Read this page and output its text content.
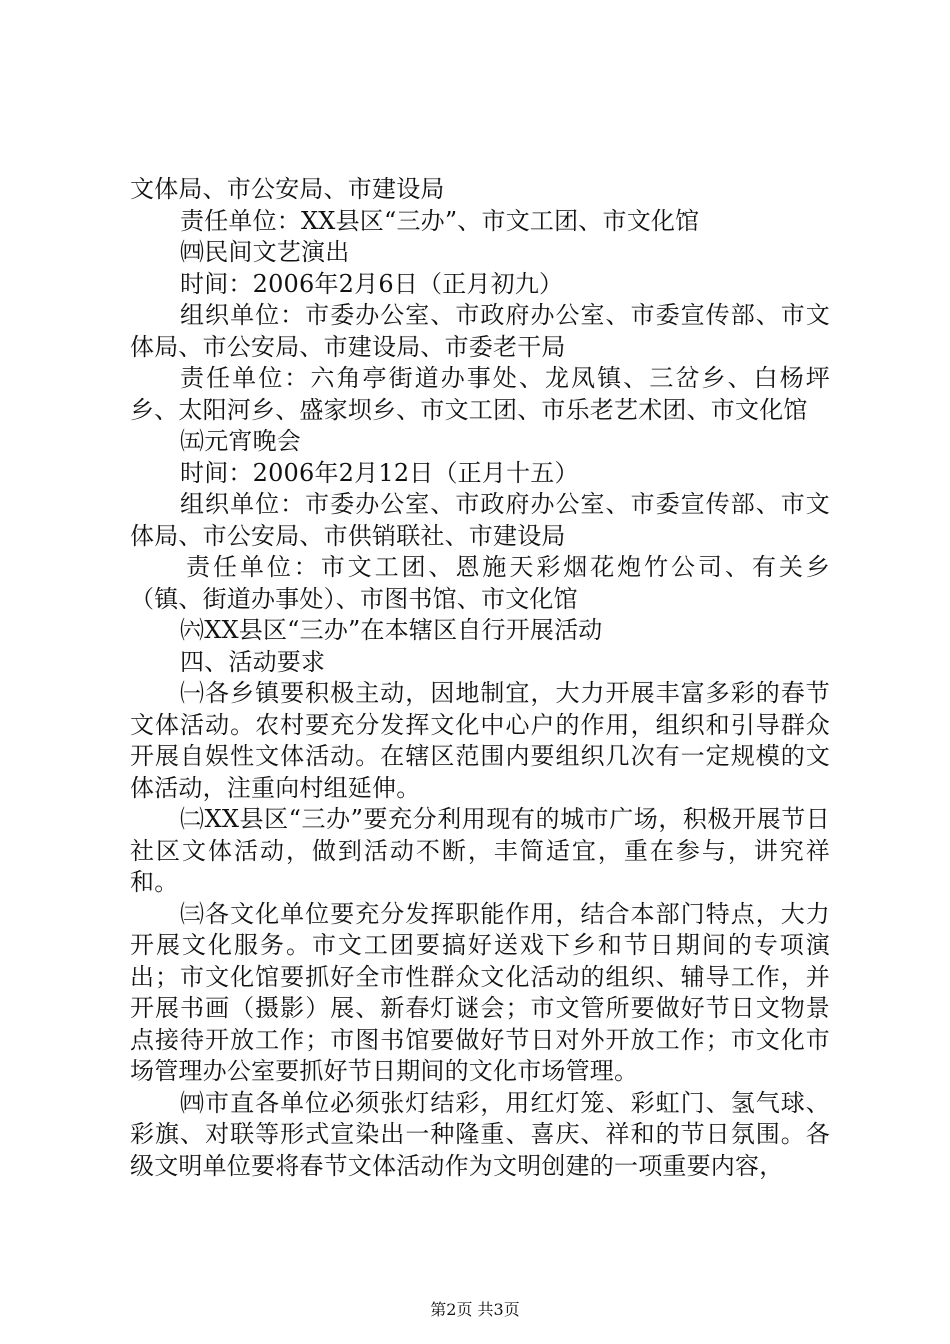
文体局、市公安局、市建设局

责任单位：XX县区“三办”、市文工团、市文化馆

㈣民间文艺演出

时间：2006年2月6日（正月初九）

组织单位：市委办公室、市政府办公室、市委宣传部、市文体局、市公安局、市建设局、市委老干局

责任单位：六角亭街道办事处、龙凤镇、三岔乡、白杨坪乡、太阳河乡、盛家坝乡、市文工团、市乐老艺术团、市文化馆

㈤元宵晚会

时间：2006年2月12日（正月十五）

组织单位：市委办公室、市政府办公室、市委宣传部、市文体局、市公安局、市供销联社、市建设局

责任单位：市文工团、恩施天彩烟花炮竹公司、有关乡（镇、街道办事处）、市图书馆、市文化馆

㈥XX县区“三办”在本辖区自行开展活动

四、活动要求

㈠各乡镇要积极主动，因地制宜，大力开展丰富多彩的春节文体活动。农村要充分发挥文化中心户的作用，组织和引导群众开展自娱性文体活动。在辖区范围内要组织几次有一定规模的文体活动，注重向村组延伸。

㈡XX县区“三办”要充分利用现有的城市广场，积极开展节日社区文体活动，做到活动不断，丰简适宜，重在参与，讲究祥和。

㈢各文化单位要充分发挥职能作用，结合本部门特点，大力开展文化服务。市文工团要搞好送戏下乡和节日期间的专项演出；市文化馆要抓好全市性群众文化活动的组织、辅导工作，并开展书画（摄影）展、新春灯谜会；市文管所要做好节日文物景点接待开放工作；市图书馆要做好节日对外开放工作；市文化市场管理办公室要抓好节日期间的文化市场管理。

㈣市直各单位必须张灯结彩，用红灯笼、彩虹门、氢气球、彩旗、对联等形式宣染出一种隆重、喜庆、祥和的节日氛围。各级文明单位要将春节文体活动作为文明创建的一项重要内容，

第2页 共3页
